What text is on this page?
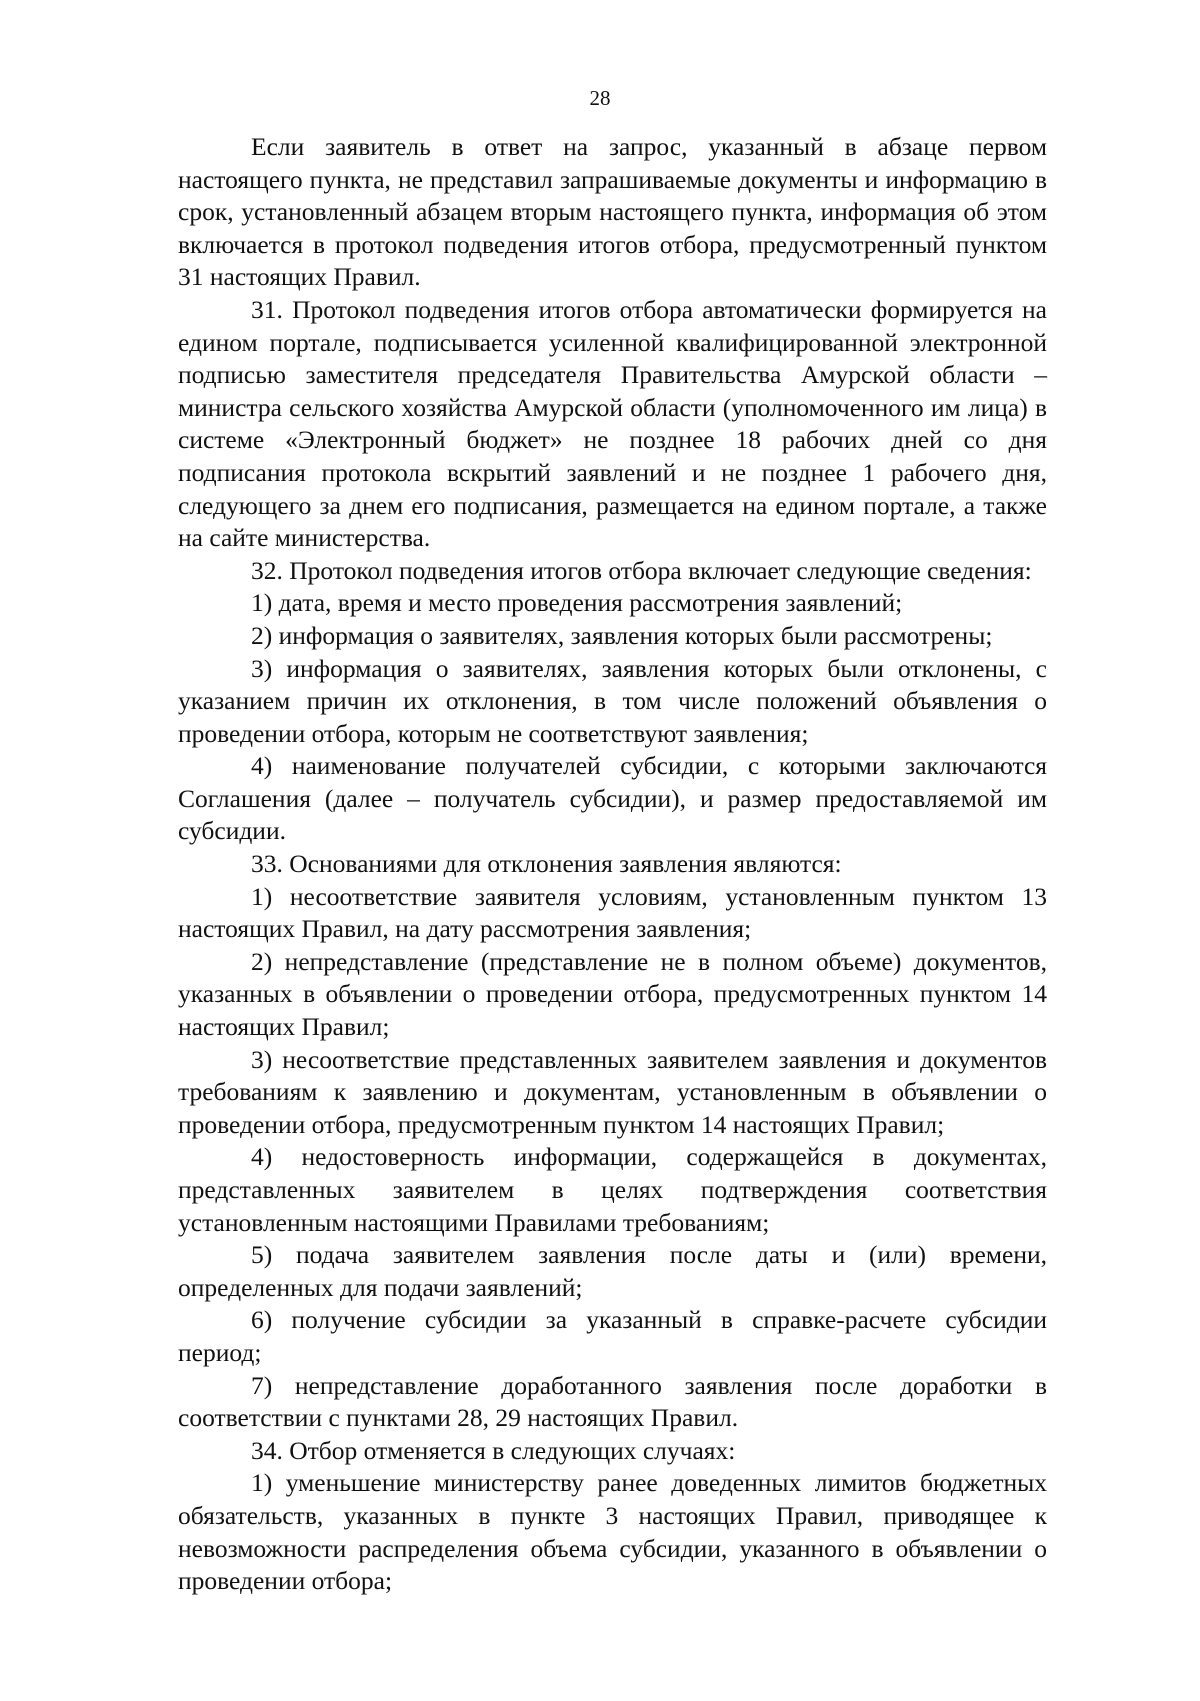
28

Если заявитель в ответ на запрос, указанный в абзаце первом настоящего пункта, не представил запрашиваемые документы и информацию в срок, установленный абзацем вторым настоящего пункта, информация об этом включается в протокол подведения итогов отбора, предусмотренный пунктом 31 настоящих Правил.

31. Протокол подведения итогов отбора автоматически формируется на едином портале, подписывается усиленной квалифицированной электронной подписью заместителя председателя Правительства Амурской области – министра сельского хозяйства Амурской области (уполномоченного им лица) в системе «Электронный бюджет» не позднее 18 рабочих дней со дня подписания протокола вскрытий заявлений и не позднее 1 рабочего дня, следующего за днем его подписания, размещается на едином портале, а также на сайте министерства.

32. Протокол подведения итогов отбора включает следующие сведения:

1) дата, время и место проведения рассмотрения заявлений;

2) информация о заявителях, заявления которых были рассмотрены;

3) информация о заявителях, заявления которых были отклонены, с указанием причин их отклонения, в том числе положений объявления о проведении отбора, которым не соответствуют заявления;

4) наименование получателей субсидии, с которыми заключаются Соглашения (далее – получатель субсидии), и размер предоставляемой им субсидии.

33. Основаниями для отклонения заявления являются:

1) несоответствие заявителя условиям, установленным пунктом 13 настоящих Правил, на дату рассмотрения заявления;

2) непредставление (представление не в полном объеме) документов, указанных в объявлении о проведении отбора, предусмотренных пунктом 14 настоящих Правил;

3) несоответствие представленных заявителем заявления и документов требованиям к заявлению и документам, установленным в объявлении о проведении отбора, предусмотренным пунктом 14 настоящих Правил;

4) недостоверность информации, содержащейся в документах, представленных заявителем в целях подтверждения соответствия установленным настоящими Правилами требованиям;

5) подача заявителем заявления после даты и (или) времени, определенных для подачи заявлений;

6) получение субсидии за указанный в справке-расчете субсидии период;

7) непредставление доработанного заявления после доработки в соответствии с пунктами 28, 29 настоящих Правил.

34. Отбор отменяется в следующих случаях:

1) уменьшение министерству ранее доведенных лимитов бюджетных обязательств, указанных в пункте 3 настоящих Правил, приводящее к невозможности распределения объема субсидии, указанного в объявлении о проведении отбора;
